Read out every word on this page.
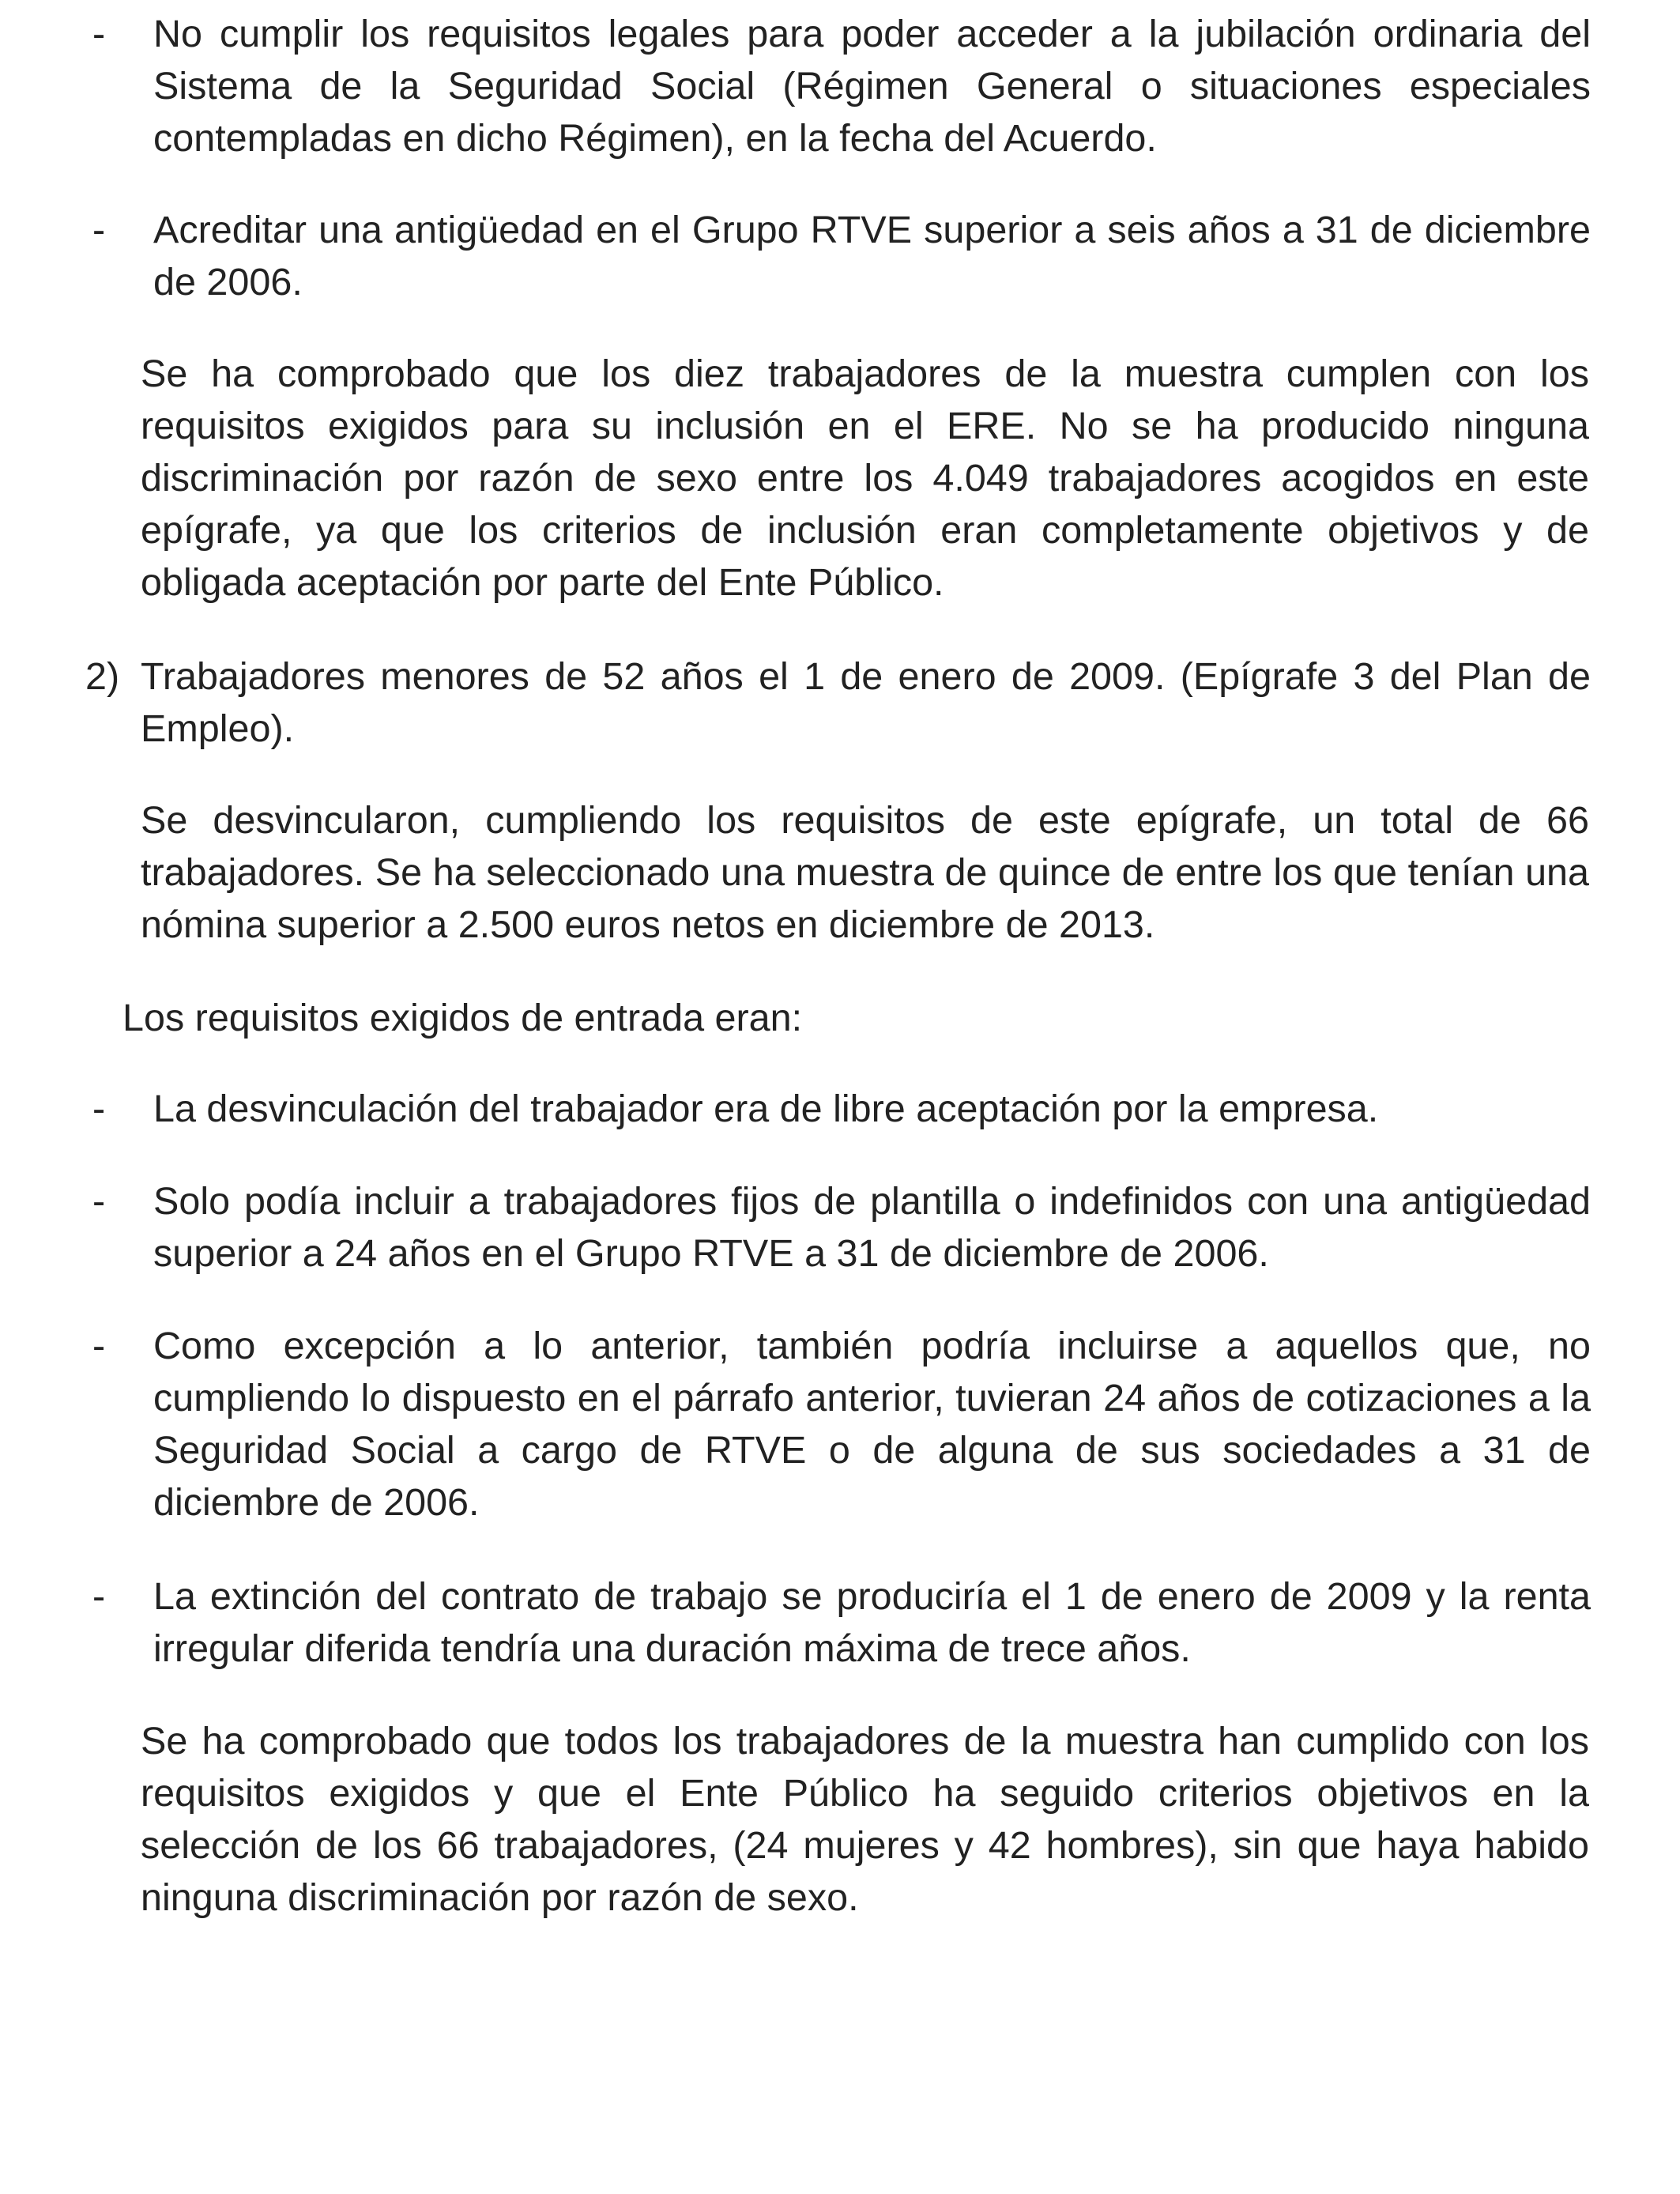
- No cumplir los requisitos legales para poder acceder a la jubilación ordinaria del Sistema de la Seguridad Social (Régimen General o situaciones especiales contempladas en dicho Régimen), en la fecha del Acuerdo.

- Acreditar una antigüedad en el Grupo RTVE superior a seis años a 31 de diciembre de 2006.

Se ha comprobado que los diez trabajadores de la muestra cumplen con los requisitos exigidos para su inclusión en el ERE. No se ha producido ninguna discriminación por razón de sexo entre los 4.049 trabajadores acogidos en este epígrafe, ya que los criterios de inclusión eran completamente objetivos y de obligada aceptación por parte del Ente Público.

2) Trabajadores menores de 52 años el 1 de enero de 2009. (Epígrafe 3 del Plan de Empleo).

Se desvincularon, cumpliendo los requisitos de este epígrafe, un total de 66 trabajadores. Se ha seleccionado una muestra de quince de entre los que tenían una nómina superior a 2.500 euros netos en diciembre de 2013.

Los requisitos exigidos de entrada eran:

- La desvinculación del trabajador era de libre aceptación por la empresa.

- Solo podía incluir a trabajadores fijos de plantilla o indefinidos con una antigüedad superior a 24 años en el Grupo RTVE a 31 de diciembre de 2006.

- Como excepción a lo anterior, también podría incluirse a aquellos que, no cumpliendo lo dispuesto en el párrafo anterior, tuvieran 24 años de cotizaciones a la Seguridad Social a cargo de RTVE o de alguna de sus sociedades a 31 de diciembre de 2006.

- La extinción del contrato de trabajo se produciría el 1 de enero de 2009 y la renta irregular diferida tendría una duración máxima de trece años.

Se ha comprobado que todos los trabajadores de la muestra han cumplido con los requisitos exigidos y que el Ente Público ha seguido criterios objetivos en la selección de los 66 trabajadores, (24 mujeres y 42 hombres), sin que haya habido ninguna discriminación por razón de sexo.
